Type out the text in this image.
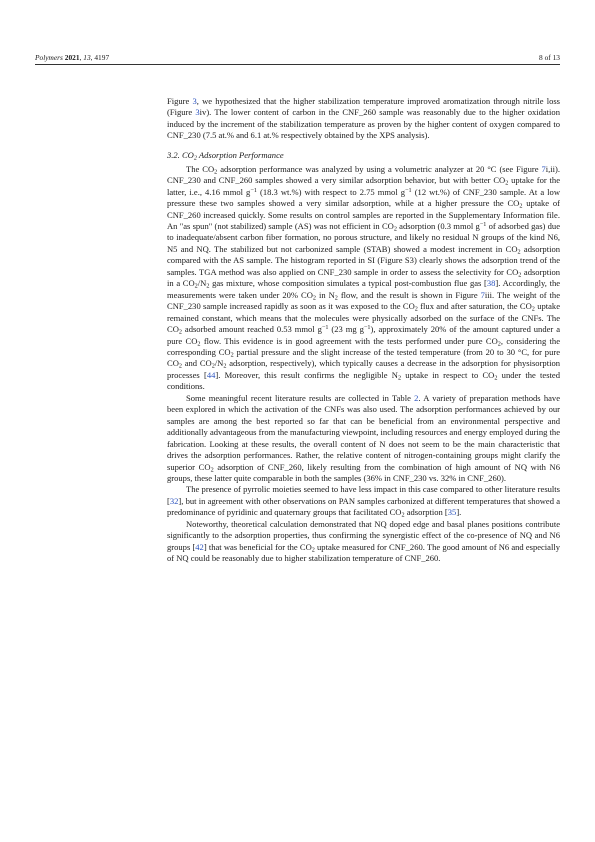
Polymers 2021, 13, 4197	8 of 13

Figure 3, we hypothesized that the higher stabilization temperature improved aromatization through nitrile loss (Figure 3iv). The lower content of carbon in the CNF_260 sample was reasonably due to the higher oxidation induced by the increment of the stabilization temperature as proven by the higher content of oxygen compared to CNF_230 (7.5 at.% and 6.1 at.% respectively obtained by the XPS analysis).

3.2. $CO_2$ Adsorption Performance

The $CO_2$ adsorption performance was analyzed by using a volumetric analyzer at 20 °C (see Figure 7i,ii). CNF_230 and CNF_260 samples showed a very similar adsorption behavior, but with better $CO_2$ uptake for the latter, i.e., 4.16 mmol $g^{-1}$ (18.3 wt.%) with respect to 2.75 mmol $g^{-1}$ (12 wt.%) of CNF_230 sample. At a low pressure these two samples showed a very similar adsorption, while at a higher pressure the $CO_2$ uptake of CNF_260 increased quickly. Some results on control samples are reported in the Supplementary Information file. An "as spun" (not stabilized) sample (AS) was not efficient in $CO_2$ adsorption (0.3 mmol $g^{-1}$ of adsorbed gas) due to inadequate/absent carbon fiber formation, no porous structure, and likely no residual N groups of the kind N6, N5 and NQ. The stabilized but not carbonized sample (STAB) showed a modest increment in $CO_2$ adsorption compared with the AS sample. The histogram reported in SI (Figure S3) clearly shows the adsorption trend of the samples. TGA method was also applied on CNF_230 sample in order to assess the selectivity for $CO_2$ adsorption in a $CO_2/N_2$ gas mixture, whose composition simulates a typical post-combustion flue gas [38]. Accordingly, the measurements were taken under 20% $CO_2$ in $N_2$ flow, and the result is shown in Figure 7iii. The weight of the CNF_230 sample increased rapidly as soon as it was exposed to the $CO_2$ flux and after saturation, the $CO_2$ uptake remained constant, which means that the molecules were physically adsorbed on the surface of the CNFs. The $CO_2$ adsorbed amount reached 0.53 mmol $g^{-1}$ (23 mg $g^{-1}$), approximately 20% of the amount captured under a pure $CO_2$ flow. This evidence is in good agreement with the tests performed under pure $CO_2$, considering the corresponding $CO_2$ partial pressure and the slight increase of the tested temperature (from 20 to 30 °C, for pure $CO_2$ and $CO_2/N_2$ adsorption, respectively), which typically causes a decrease in the adsorption for physisorption processes [44]. Moreover, this result confirms the negligible $N_2$ uptake in respect to $CO_2$ under the tested conditions.

Some meaningful recent literature results are collected in Table 2. A variety of preparation methods have been explored in which the activation of the CNFs was also used. The adsorption performances achieved by our samples are among the best reported so far that can be beneficial from an environmental perspective and additionally advantageous from the manufacturing viewpoint, including resources and energy employed during the fabrication. Looking at these results, the overall content of N does not seem to be the main characteristic that drives the adsorption performances. Rather, the relative content of nitrogen-containing groups might clarify the superior $CO_2$ adsorption of CNF_260, likely resulting from the combination of high amount of NQ with N6 groups, these latter quite comparable in both the samples (36% in CNF_230 vs. 32% in CNF_260).

The presence of pyrrolic moieties seemed to have less impact in this case compared to other literature results [32], but in agreement with other observations on PAN samples carbonized at different temperatures that showed a predominance of pyridinic and quaternary groups that facilitated $CO_2$ adsorption [35].

Noteworthy, theoretical calculation demonstrated that NQ doped edge and basal planes positions contribute significantly to the adsorption properties, thus confirming the synergistic effect of the co-presence of NQ and N6 groups [42] that was beneficial for the $CO_2$ uptake measured for CNF_260. The good amount of N6 and especially of NQ could be reasonably due to higher stabilization temperature of CNF_260.
